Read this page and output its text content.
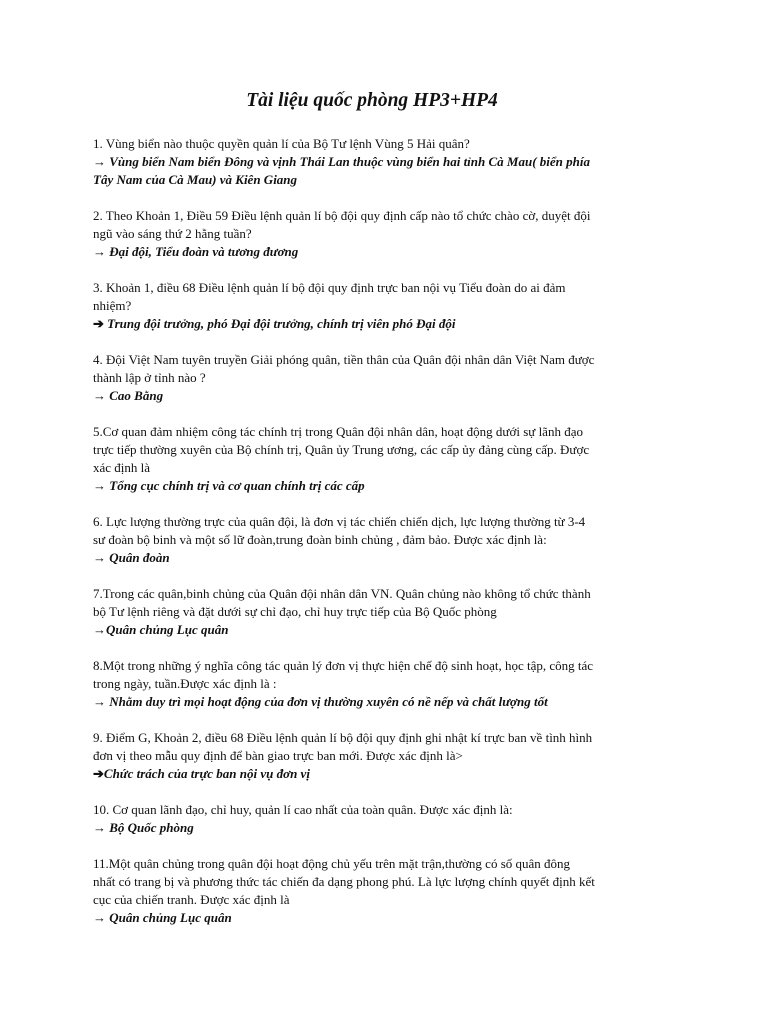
Tài liệu quốc phòng HP3+HP4
1. Vùng biển nào thuộc quyền quản lí của Bộ Tư lệnh Vùng 5 Hải quân?
→ Vùng biển Nam biển Đông và vịnh Thái Lan thuộc vùng biển hai tỉnh Cà Mau( biển phía
Tây Nam của Cà Mau) và Kiên Giang
2. Theo Khoản 1, Điều 59 Điều lệnh quản lí bộ đội quy định cấp nào tổ chức chào cờ, duyệt đội
ngũ vào sáng thứ 2 hằng tuần?
→ Đại đội, Tiểu đoàn và tương đương
3. Khoản 1, điều 68 Điều lệnh quản lí bộ đội quy định trực ban nội vụ Tiểu đoàn do ai đảm
nhiệm?
➔ Trung đội trưởng, phó Đại đội trưởng, chính trị viên phó Đại đội
4. Đội Việt Nam tuyên truyền Giải phóng quân, tiền thân của Quân đội nhân dân Việt Nam được
thành lập ở tỉnh nào ?
→ Cao Bằng
5.Cơ quan đảm nhiệm công tác chính trị trong Quân đội nhân dân, hoạt động dưới sự lãnh đạo
trực tiếp thường xuyên của Bộ chính trị, Quân ủy Trung ương, các cấp ủy đảng cùng cấp. Được
xác định là
→ Tổng cục chính trị và cơ quan chính trị các cấp
6. Lực lượng thường trực của quân đội, là đơn vị tác chiến chiến dịch, lực lượng thường từ 3-4
sư đoàn bộ binh và một số lữ đoàn,trung đoàn binh chủng , đảm bảo. Được xác định là:
→ Quân đoàn
7.Trong các quân,binh chủng của Quân đội nhân dân VN. Quân chủng nào không tổ chức thành
bộ Tư lệnh riêng và đặt dưới sự chỉ đạo, chỉ huy trực tiếp của Bộ Quốc phòng
→Quân chủng Lục quân
8.Một trong những ý nghĩa công tác quản lý đơn vị thực hiện chế độ sinh hoạt, học tập, công tác
trong ngày, tuần.Được xác định là :
→ Nhằm duy trì mọi hoạt động của đơn vị thường xuyên có nề nếp và chất lượng tốt
9. Điểm G, Khoản 2, điều 68 Điều lệnh quản lí bộ đội quy định ghi nhật kí trực ban về tình hình
đơn vị theo mẫu quy định để bàn giao trực ban mới. Được xác định là>
➔Chức trách của trực ban nội vụ đơn vị
10. Cơ quan lãnh đạo, chỉ huy, quản lí cao nhất của toàn quân. Được xác định là:
→ Bộ Quốc phòng
11.Một quân chủng trong quân đội hoạt động chủ yếu trên mặt trận,thường có số quân đông
nhất có trang bị và phương thức tác chiến đa dạng phong phú. Là lực lượng chính quyết định kết
cục của chiến tranh. Được xác định là
→ Quân chủng Lục quân
